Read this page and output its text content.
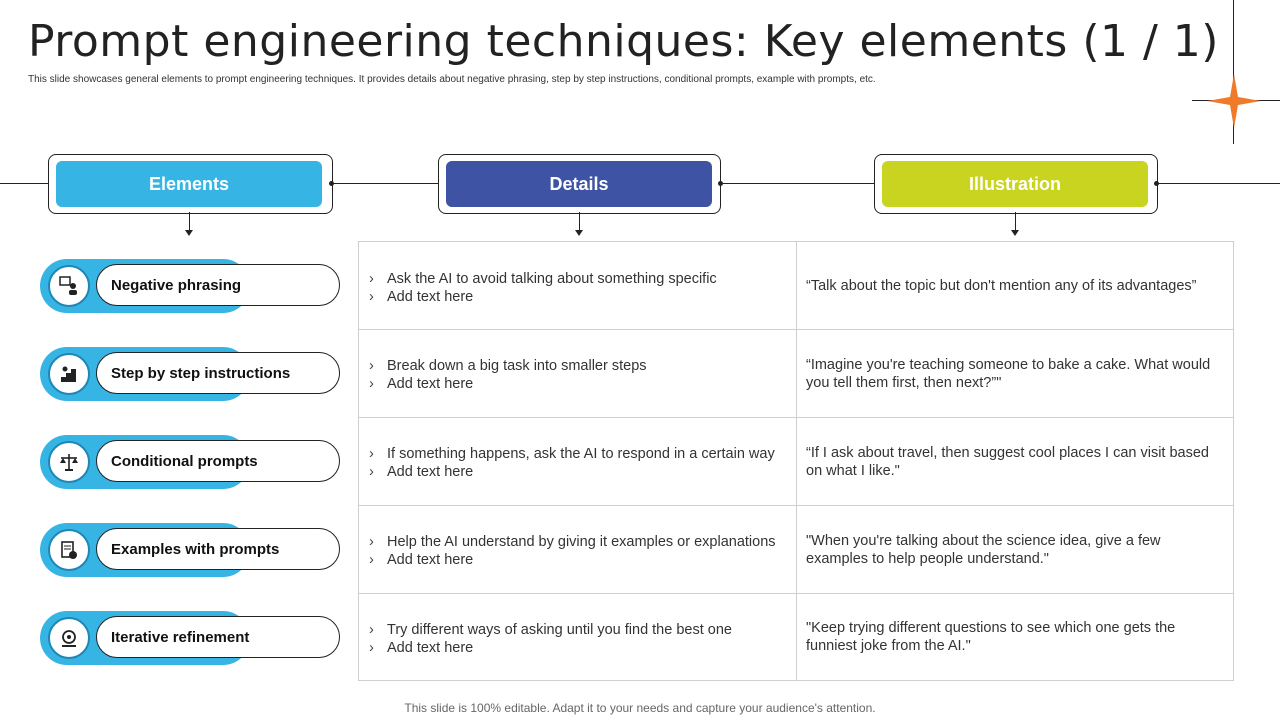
Prompt engineering techniques: Key elements (1 / 1)
This slide showcases general elements to prompt engineering techniques. It provides details about negative phrasing, step by step instructions, conditional prompts, example with prompts, etc.
Elements	Details	Illustration
Negative phrasing
Step by step instructions
Conditional prompts
Examples with prompts
Iterative refinement
› Ask the AI to avoid talking about something specific
› Add text here
“Talk about the topic but don't mention any of its advantages”
› Break down a big task into smaller steps
› Add text here
“Imagine you're teaching someone to bake a cake. What would you tell them first, then next?”"
› If something happens, ask the AI to respond in a certain way
› Add text here
“If I ask about travel, then suggest cool places I can visit based on what I like."
› Help the AI understand by giving it examples or explanations
› Add text here
"When you're talking about the science idea, give a few examples to help people understand."
› Try different ways of asking until you find the best one
› Add text here
"Keep trying different questions to see which one gets the funniest joke from the AI."
This slide is 100% editable. Adapt it to your needs and capture your audience's attention.
